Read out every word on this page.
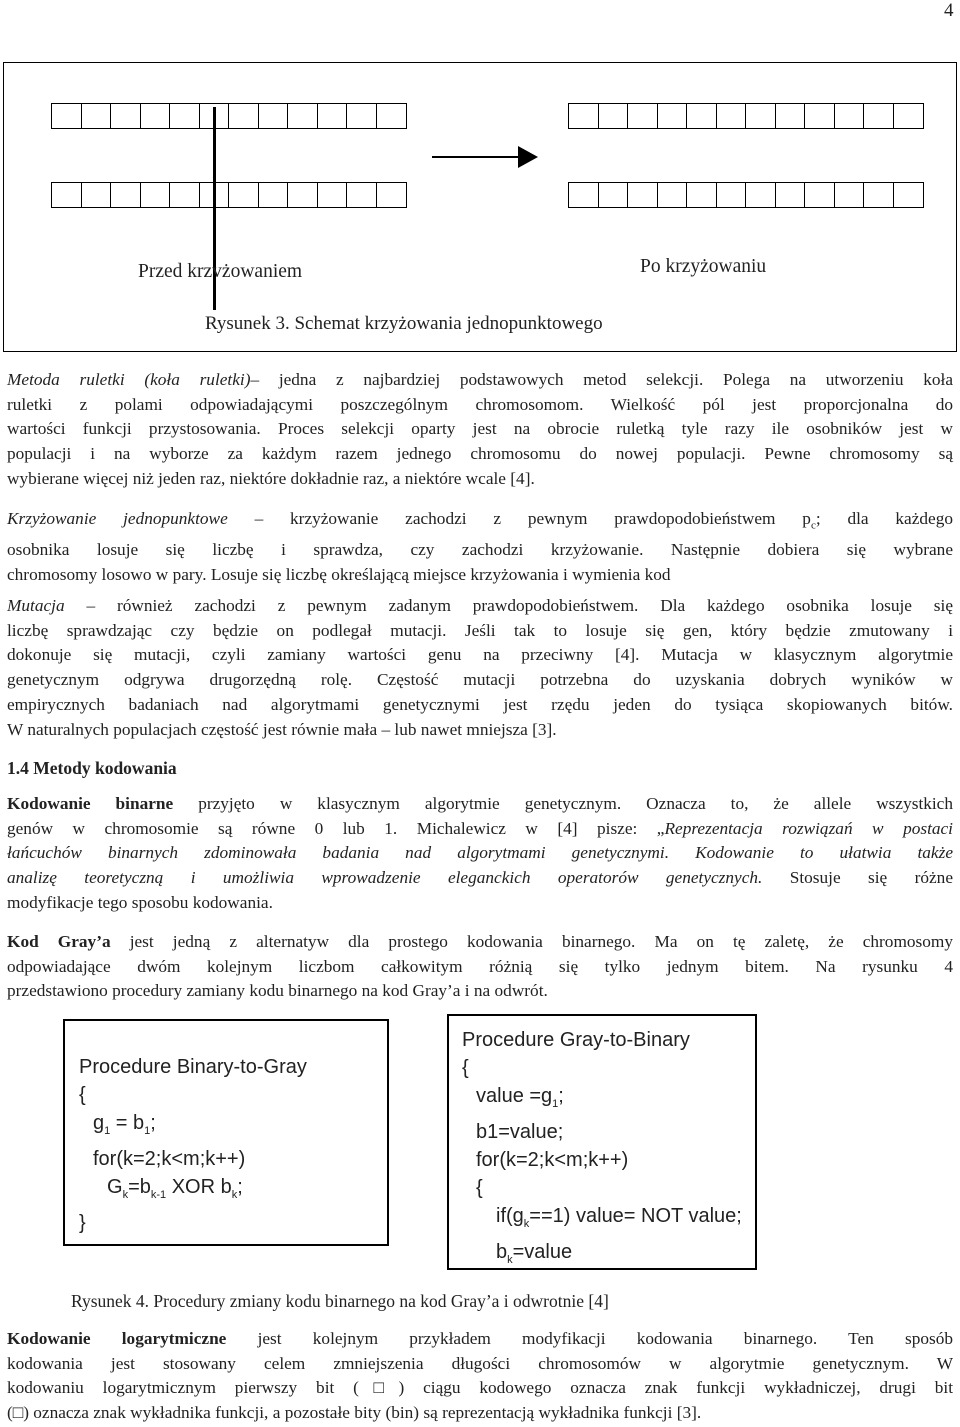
4
Przed krzvżowaniem	Po krzyżowaniu
Rysunek 3. Schemat krzyżowania jednopunktowego
Metoda ruletki (koła ruletki)– jedna z najbardziej podstawowych metod selekcji. Polega na utworzeniu koła
ruletki z polami odpowiadającymi poszczególnym chromosomom. Wielkość pól jest proporcjonalna do
wartości funkcji przystosowania. Proces selekcji oparty jest na obrocie ruletką tyle razy ile osobników jest w
populacji i na wyborze za każdym razem jednego chromosomu do nowej populacji. Pewne chromosomy są
wybierane więcej niż jeden raz, niektóre dokładnie raz, a niektóre wcale [4].
Krzyżowanie jednopunktowe – krzyżowanie zachodzi z pewnym prawdopodobieństwem $p_c$; dla każdego
osobnika losuje się liczbę i sprawdza, czy zachodzi krzyżowanie. Następnie dobiera się wybrane
chromosomy losowo w pary. Losuje się liczbę określającą miejsce krzyżowania i wymienia kod
Mutacja – również zachodzi z pewnym zadanym prawdopodobieństwem. Dla każdego osobnika losuje się
liczbę sprawdzając czy będzie on podlegał mutacji. Jeśli tak to losuje się gen, który będzie zmutowany i
dokonuje się mutacji, czyli zamiany wartości genu na przeciwny [4]. Mutacja w klasycznym algorytmie
genetycznym odgrywa drugorzędną rolę. Częstość mutacji potrzebna do uzyskania dobrych wyników w
empirycznych badaniach nad algorytmami genetycznymi jest rzędu jeden do tysiąca skopiowanych bitów.
W naturalnych populacjach częstość jest równie mała – lub nawet mniejsza [3].
1.4 Metody kodowania
Kodowanie binarne przyjęto w klasycznym algorytmie genetycznym. Oznacza to, że allele wszystkich
genów w chromosomie są równe 0 lub 1. Michalewicz w [4] pisze: „Reprezentacja rozwiązań w postaci
łańcuchów binarnych zdominowała badania nad algorytmami genetycznymi. Kodowanie to ułatwia także
analizę teoretyczną i umożliwia wprowadzenie eleganckich operatorów genetycznych. Stosuje się różne
modyfikacje tego sposobu kodowania.
Kod Gray’a jest jedną z alternatyw dla prostego kodowania binarnego. Ma on tę zaletę, że chromosomy
odpowiadające dwóm kolejnym liczbom całkowitym różnią się tylko jednym bitem. Na rysunku 4
przedstawiono procedury zamiany kodu binarnego na kod Gray’a i na odwrót.
Procedure Binary-to-Gray
{
$g_1 = b_1$;
for(k=2;k<m;k++)
$G_k=b_{k-1}$ XOR $b_k$;
}
Procedure Gray-to-Binary
{
value $=g_1$;
b1=value;
for(k=2;k<m;k++)
{
$if(g_k==1)$ value= NOT value;
$b_k=value$
Rysunek 4. Procedury zmiany kodu binarnego na kod Gray’a i odwrotnie [4]
Kodowanie logarytmiczne jest kolejnym przykładem modyfikacji kodowania binarnego. Ten sposób
kodowania jest stosowany celem zmniejszenia długości chromosomów w algorytmie genetycznym. W
kodowaniu logarytmicznym pierwszy bit (□) ciągu kodowego oznacza znak funkcji wykładniczej, drugi bit
(□) oznacza znak wykładnika funkcji, a pozostałe bity (bin) są reprezentacją wykładnika funkcji [3].
